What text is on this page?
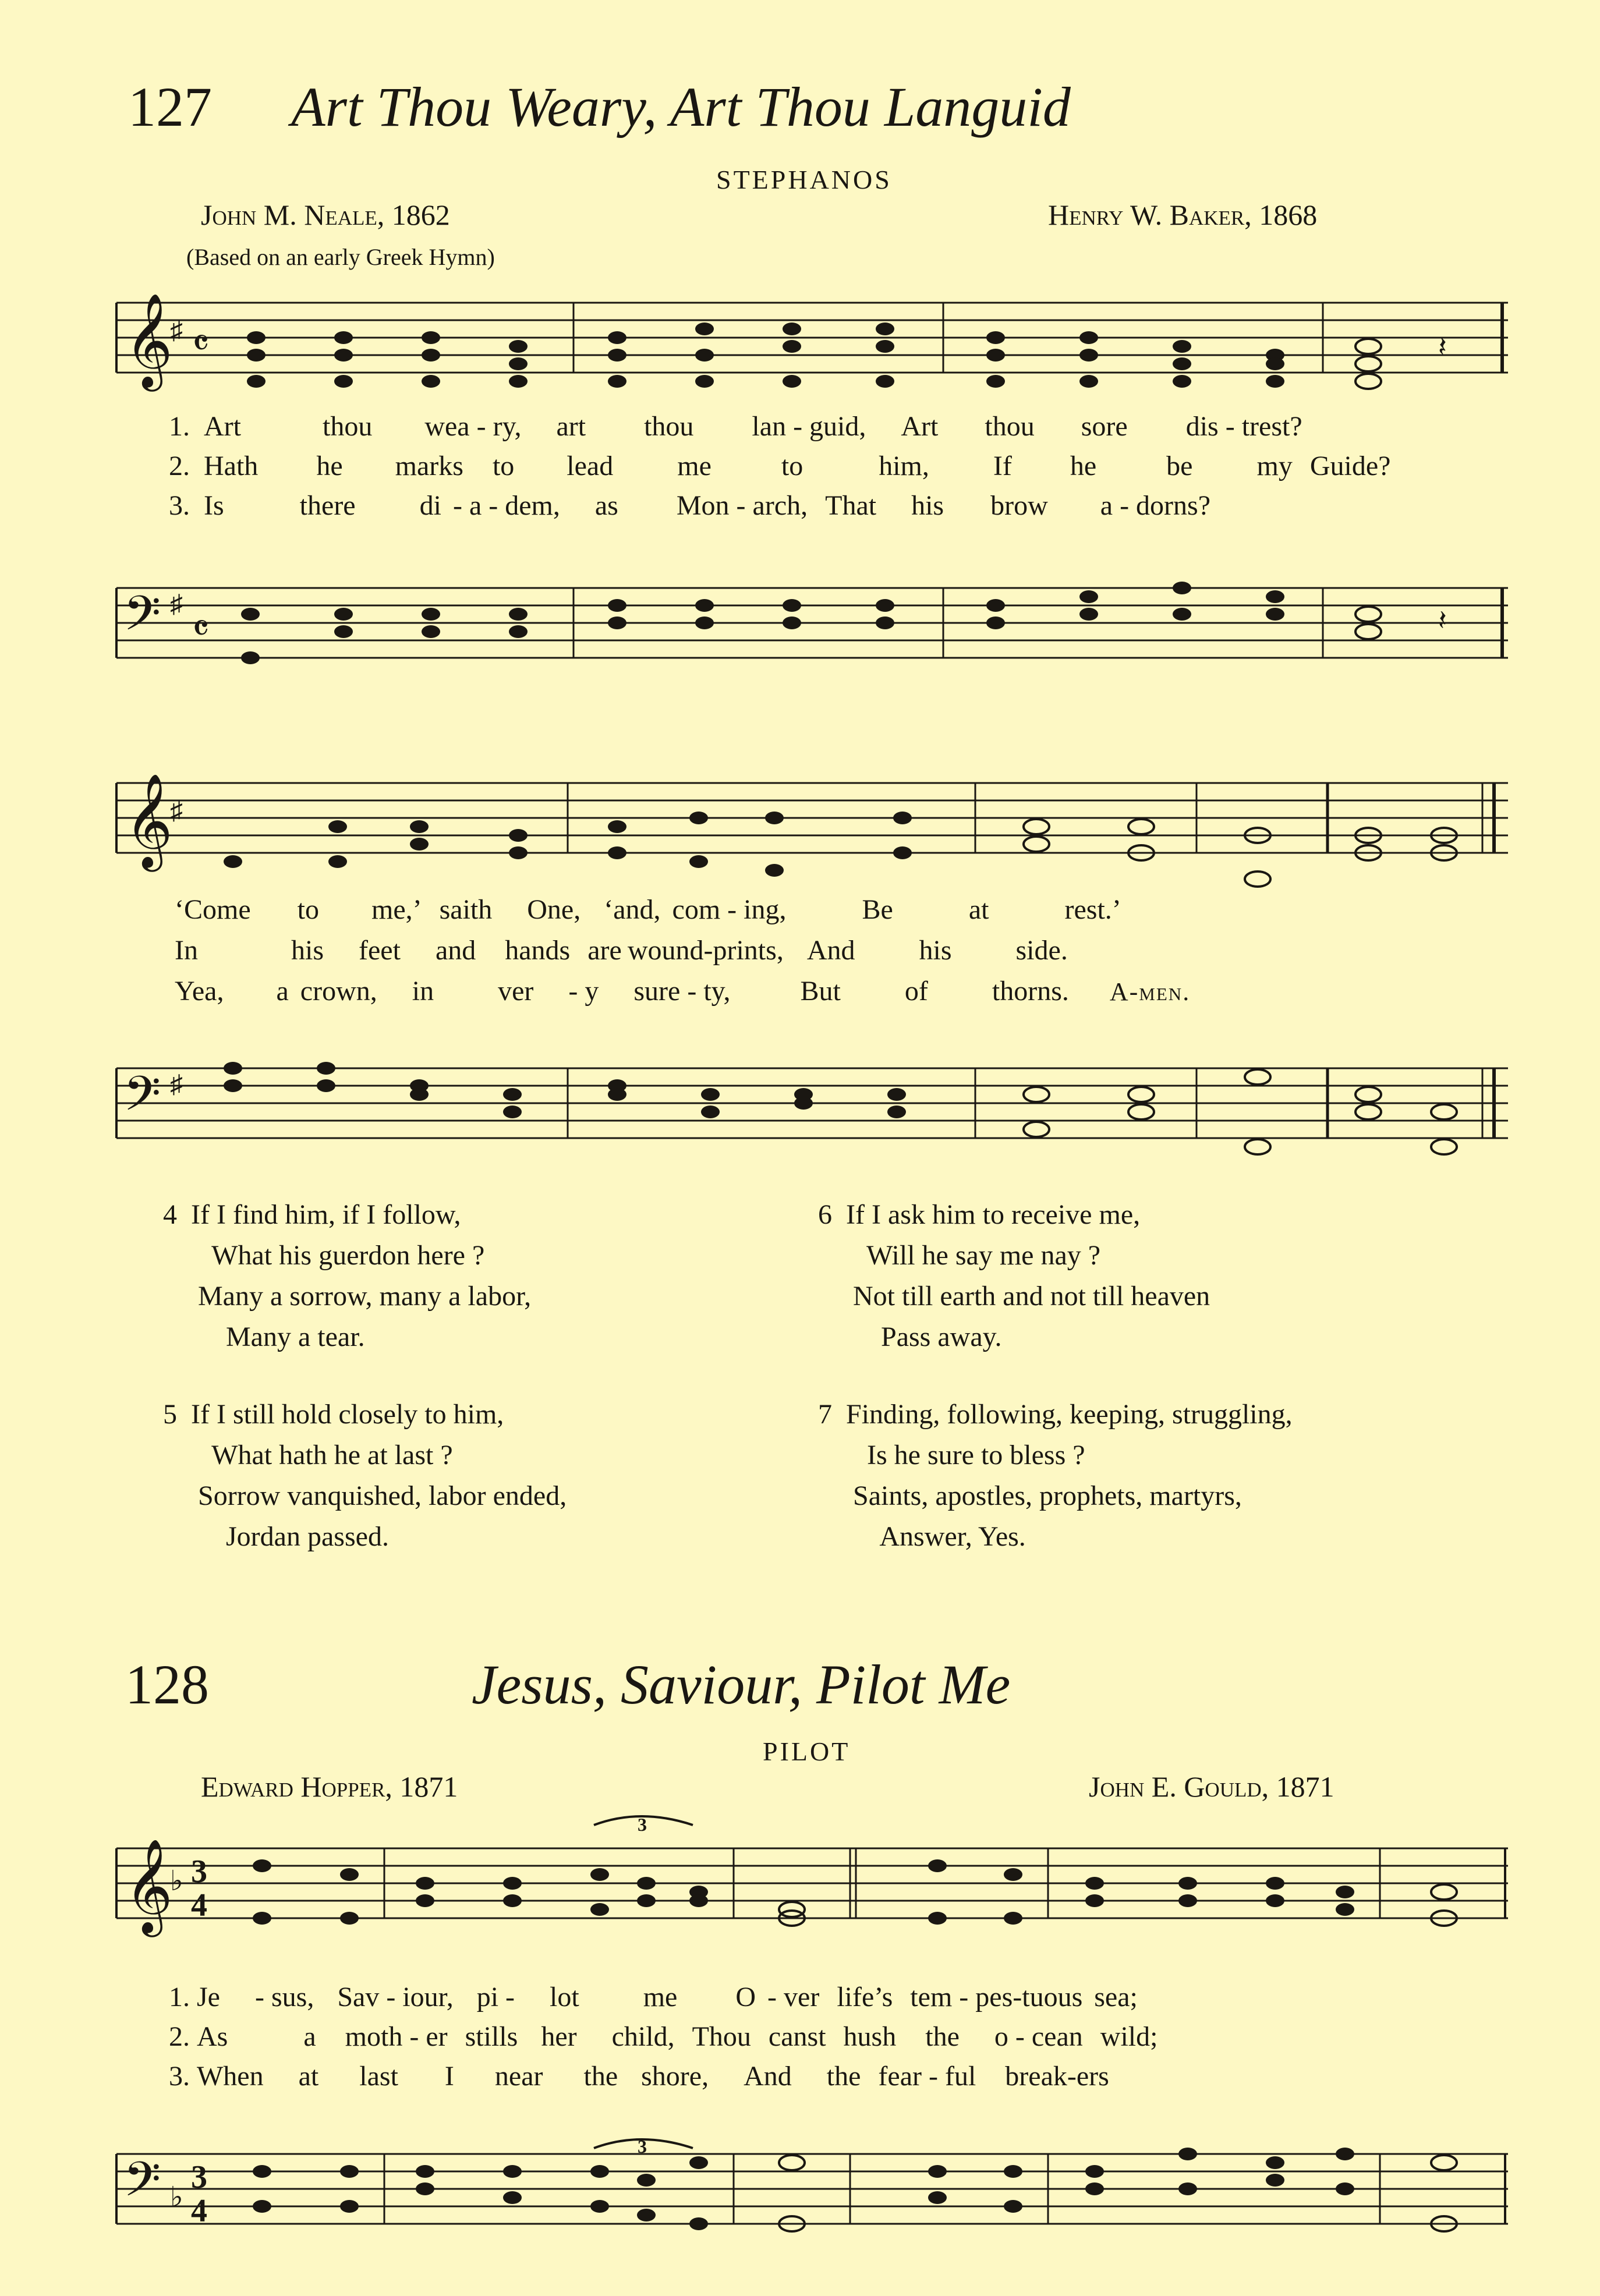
127 Art Thou Weary, Art Thou Languid
STEPHANOS
John M. Neale, 1862	Henry W. Baker, 1868
(Based on an early Greek Hymn)
𝄞
♯ 𝄴	𝄽
1. Art	thou wea - ry, art thou lan - guid, Art thou sore dis - trest?
2. Hath he marks to lead me	to	him, If he	be my Guide?
3. Is	there di - a - dem, as Mon - arch, That his brow a - dorns?
𝄢 ♯
𝄴	𝄽
𝄞
♯
‘Come to me,’ saith One, ‘and, com - ing,	Be	at	rest.’
In	his feet and hands are wound-prints, And his side.
Yea, a crown, in ver - y sure - ty,	But of thorns. A-men.
𝄢 ♯
4 If I find him, if I follow,
What his guerdon here ?
Many a sorrow, many a labor,
Many a tear.
5 If I still hold closely to him,
What hath he at last ?
Sorrow vanquished, labor ended,
Jordan passed.
6 If I ask him to receive me,
Will he say me nay ?
Not till earth and not till heaven
Pass away.
7 Finding, following, keeping, struggling,
Is he sure to bless ?
Saints, apostles, prophets, martyrs,
Answer, Yes.
128	Jesus, Saviour, Pilot Me
PILOT
Edward Hopper, 1871	John E. Gould, 1871
𝄞
♭ 3
4
3
1. Je - sus, Sav - iour, pi - lot me O - ver life’s tem - pes-tuous sea;
2. As	a moth - er stills her child, Thou canst hush the o - cean wild;
3. When at last I near the shore, And the fear - ful break-ers
𝄢 ♭
3
4
3
